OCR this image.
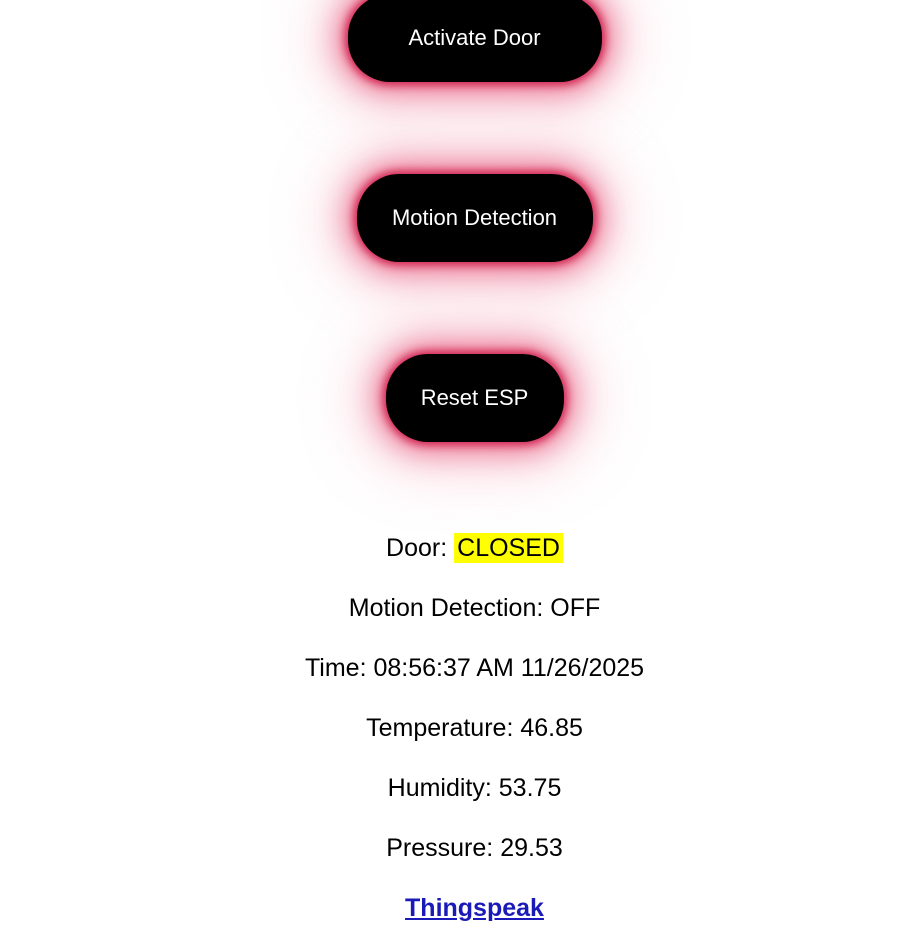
Activate Door
Motion Detection
Reset ESP

Door: CLOSED

Motion Detection: OFF

Time: 08:56:37 AM 11/26/2025

Temperature: 46.85

Humidity: 53.75

Pressure: 29.53

Thingspeak
